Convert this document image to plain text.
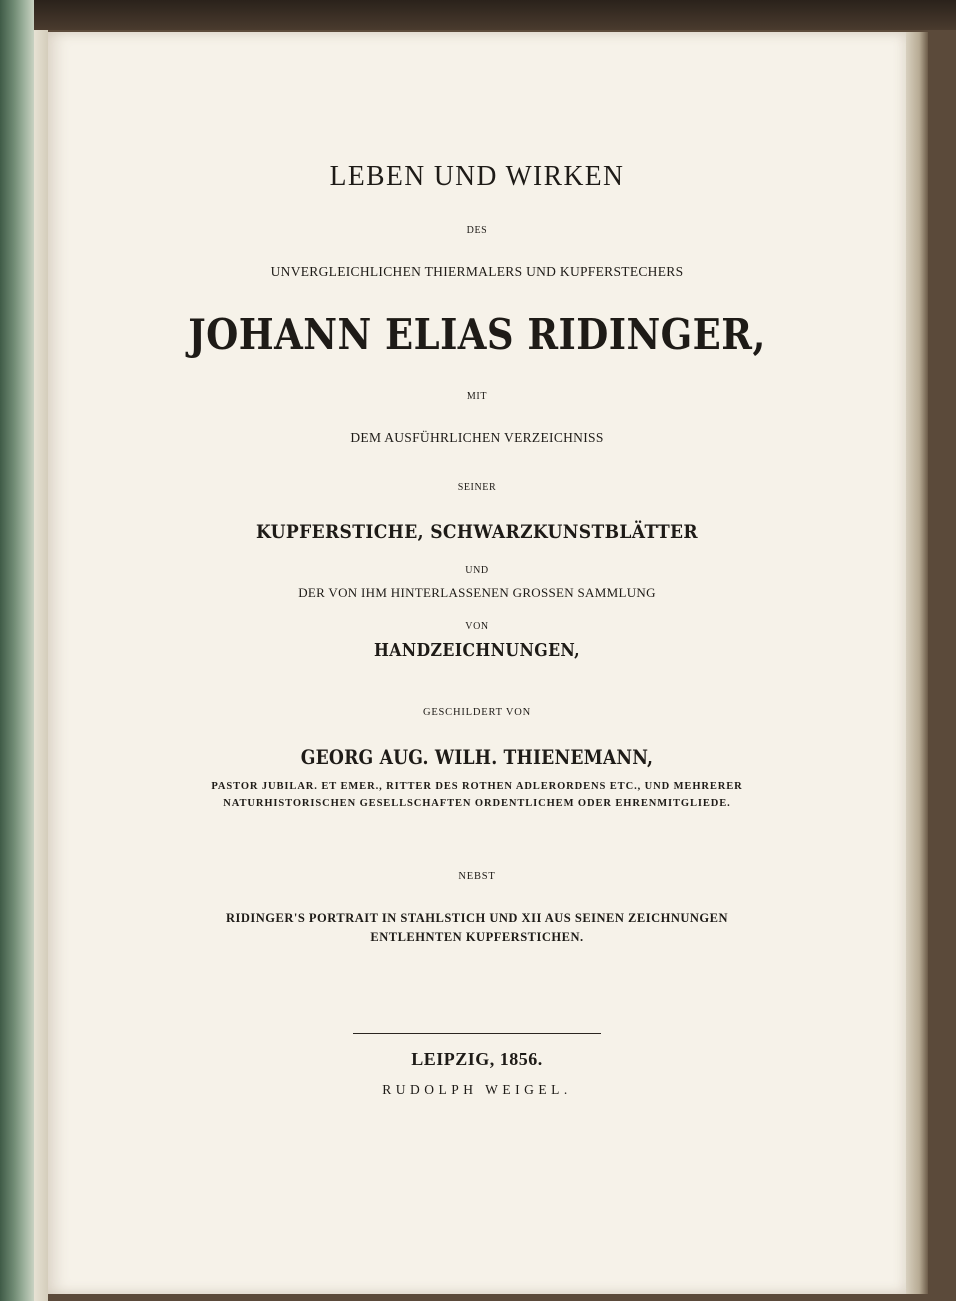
LEBEN UND WIRKEN
DES
UNVERGLEICHLICHEN THIERMALERS UND KUPFERSTECHERS
JOHANN ELIAS RIDINGER,
MIT
DEM AUSFÜHRLICHEN VERZEICHNISS
SEINER
KUPFERSTICHE, SCHWARZKUNSTBLÄTTER
UND
DER VON IHM HINTERLASSENEN GROSSEN SAMMLUNG
VON
HANDZEICHNUNGEN,
GESCHILDERT VON
GEORG AUG. WILH. THIENEMANN,
PASTOR JUBILAR. ET EMER., RITTER DES ROTHEN ADLERORDENS ETC., UND MEHRERER
NATURHISTORISCHEN GESELLSCHAFTEN ORDENTLICHEM ODER EHRENMITGLIEDE.
NEBST
RIDINGER'S PORTRAIT IN STAHLSTICH UND XII AUS SEINEN ZEICHNUNGEN
ENTLEHNTEN KUPFERSTICHEN.
LEIPZIG, 1856.
RUDOLPH WEIGEL.
